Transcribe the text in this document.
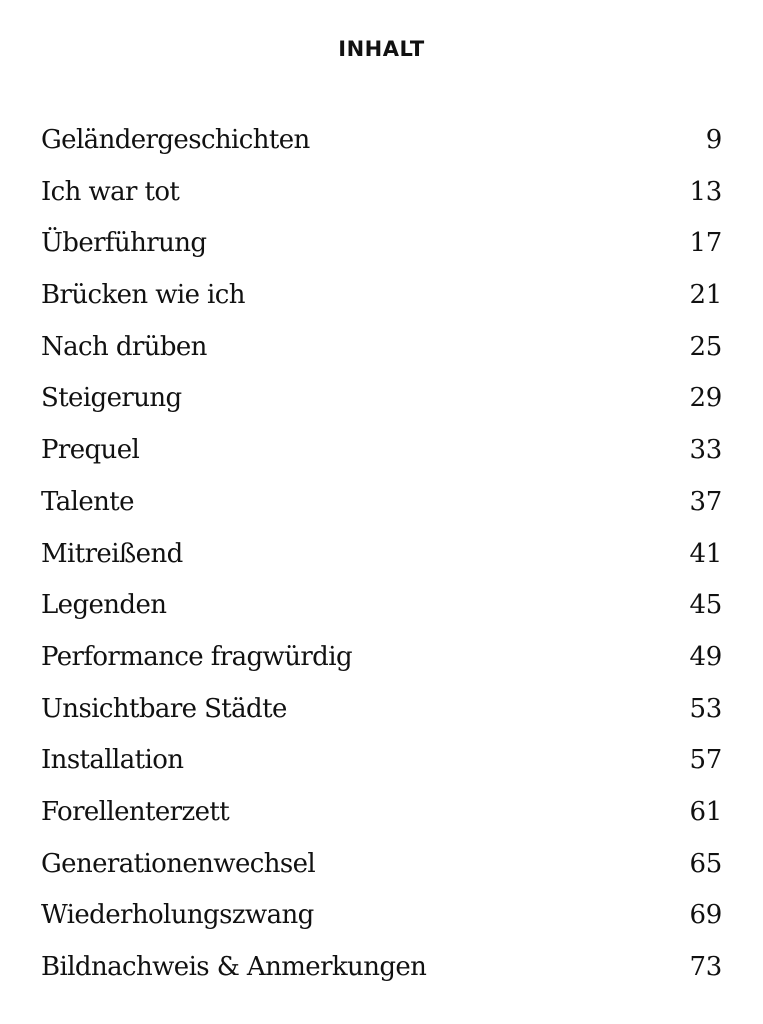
INHALT
Geländergeschichten	9
Ich war tot	13
Überführung	17
Brücken wie ich	21
Nach drüben	25
Steigerung	29
Prequel	33
Talente	37
Mitreißend	41
Legenden	45
Performance fragwürdig	49
Unsichtbare Städte	53
Installation	57
Forellenterzett	61
Generationenwechsel	65
Wiederholungszwang	69
Bildnachweis & Anmerkungen	73
